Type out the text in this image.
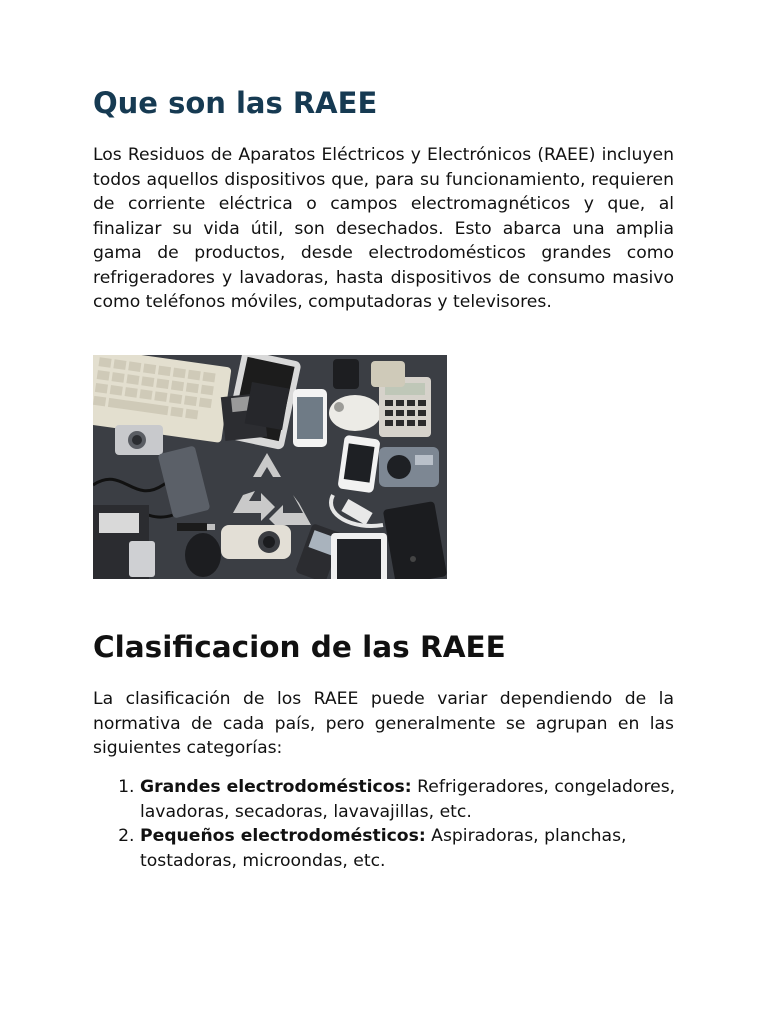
Que son las RAEE

Los Residuos de Aparatos Eléctricos y Electrónicos (RAEE) incluyen todos aquellos dispositivos que, para su funcionamiento, requieren de corriente eléctrica o campos electromagnéticos y que, al finalizar su vida útil, son desechados. Esto abarca una amplia gama de productos, desde electrodomésticos grandes como refrigeradores y lavadoras, hasta dispositivos de consumo masivo como teléfonos móviles, computadoras y televisores.

Clasificacion de las RAEE

La clasificación de los RAEE puede variar dependiendo de la normativa de cada país, pero generalmente se agrupan en las siguientes categorías:

1. Grandes electrodomésticos: Refrigeradores, congeladores, lavadoras, secadoras, lavavajillas, etc.
2. Pequeños electrodomésticos: Aspiradoras, planchas, tostadoras, microondas, etc.
